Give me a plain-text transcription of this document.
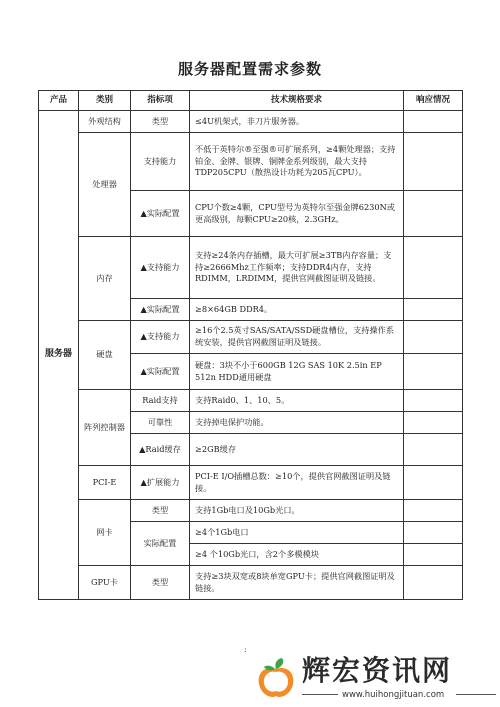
服务器配置需求参数
产品	类别	指标项	技术规格要求	响应情况
服务器	外观结构	类型	≤4U机架式，非刀片服务器。	
	处理器	支持能力	不低于英特尔®至强®可扩展系列，≥4颗处理器；支持铂金、金牌、银牌、铜牌金系列级别，最大支持TDP205CPU（散热设计功耗为205瓦CPU）。	
		▲实际配置	CPU个数≥4颗，CPU型号为英特尔至强金牌6230N或更高级别，每颗CPU≥20核，2.3GHz。	
	内存	▲支持能力	支持≥24条内存插槽，最大可扩展≥3TB内存容量；支持≥2666Mhz工作频率；支持DDR4内存，支持RDIMM，LRDIMM，提供官网截图证明及链接。	
		▲实际配置	≥8×64GB DDR4。	
	硬盘	▲支持能力	≥16个2.5英寸SAS/SATA/SSD硬盘槽位，支持操作系统安装，提供官网截图证明及链接。	
		▲实际配置	硬盘：3块不小于600GB 12G SAS 10K 2.5in EP 512n HDD通用硬盘	
	阵列控制器	Raid支持	支持Raid0、1、10、5。	
		可靠性	支持掉电保护功能。	
		▲Raid缓存	≥2GB缓存	
	PCI-E	▲扩展能力	PCI-E I/O插槽总数：≥10个，提供官网截图证明及链接。	
	网卡	类型	支持1Gb电口及10Gb光口。	
		实际配置	≥4个1Gb电口	
			≥4 个10Gb光口，含2个多模模块	
	GPU卡	类型	支持≥3块双宽或8块单宽GPU卡；提供官网截图证明及链接。	
:
辉宏资讯网
www.huihongjituan.com
